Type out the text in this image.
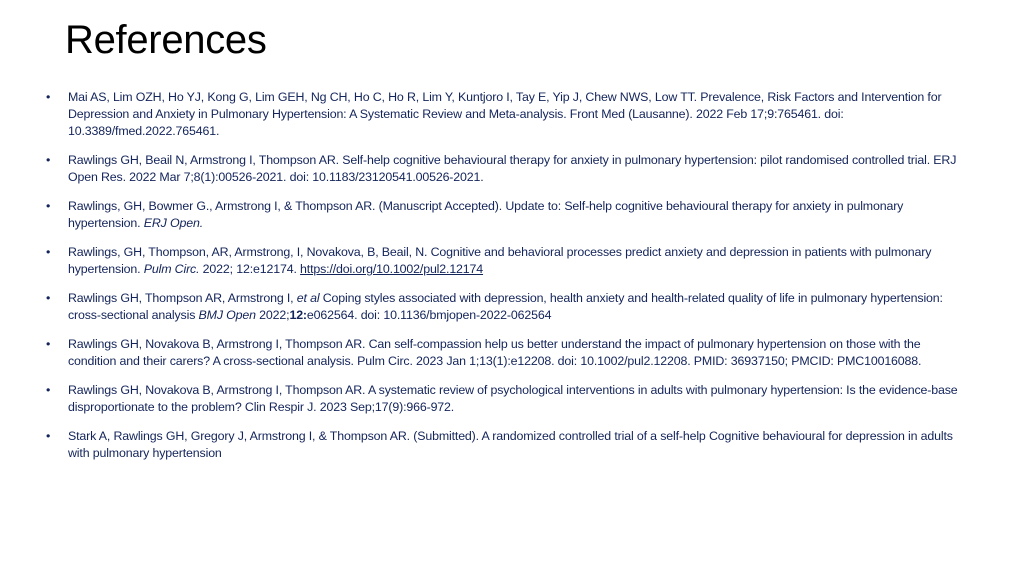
References
• Mai AS, Lim OZH, Ho YJ, Kong G, Lim GEH, Ng CH, Ho C, Ho R, Lim Y, Kuntjoro I, Tay E, Yip J, Chew NWS, Low TT. Prevalence, Risk Factors and Intervention for Depression and Anxiety in Pulmonary Hypertension: A Systematic Review and Meta-analysis. Front Med (Lausanne). 2022 Feb 17;9:765461. doi: 10.3389/fmed.2022.765461.
• Rawlings GH, Beail N, Armstrong I, Thompson AR. Self-help cognitive behavioural therapy for anxiety in pulmonary hypertension: pilot randomised controlled trial. ERJ Open Res. 2022 Mar 7;8(1):00526-2021. doi: 10.1183/23120541.00526-2021.
• Rawlings, GH, Bowmer G., Armstrong I, & Thompson AR. (Manuscript Accepted). Update to: Self-help cognitive behavioural therapy for anxiety in pulmonary hypertension. ERJ Open.
• Rawlings, GH, Thompson, AR, Armstrong, I, Novakova, B, Beail, N. Cognitive and behavioral processes predict anxiety and depression in patients with pulmonary hypertension. Pulm Circ. 2022; 12:e12174. https://doi.org/10.1002/pul2.12174
• Rawlings GH, Thompson AR, Armstrong I, et al Coping styles associated with depression, health anxiety and health-related quality of life in pulmonary hypertension: cross-sectional analysis BMJ Open 2022;12:e062564. doi: 10.1136/bmjopen-2022-062564
• Rawlings GH, Novakova B, Armstrong I, Thompson AR. Can self-compassion help us better understand the impact of pulmonary hypertension on those with the condition and their carers? A cross-sectional analysis. Pulm Circ. 2023 Jan 1;13(1):e12208. doi: 10.1002/pul2.12208. PMID: 36937150; PMCID: PMC10016088.
• Rawlings GH, Novakova B, Armstrong I, Thompson AR. A systematic review of psychological interventions in adults with pulmonary hypertension: Is the evidence-base disproportionate to the problem? Clin Respir J. 2023 Sep;17(9):966-972.
• Stark A, Rawlings GH, Gregory J, Armstrong I, & Thompson AR. (Submitted). A randomized controlled trial of a self-help Cognitive behavioural for depression in adults with pulmonary hypertension
